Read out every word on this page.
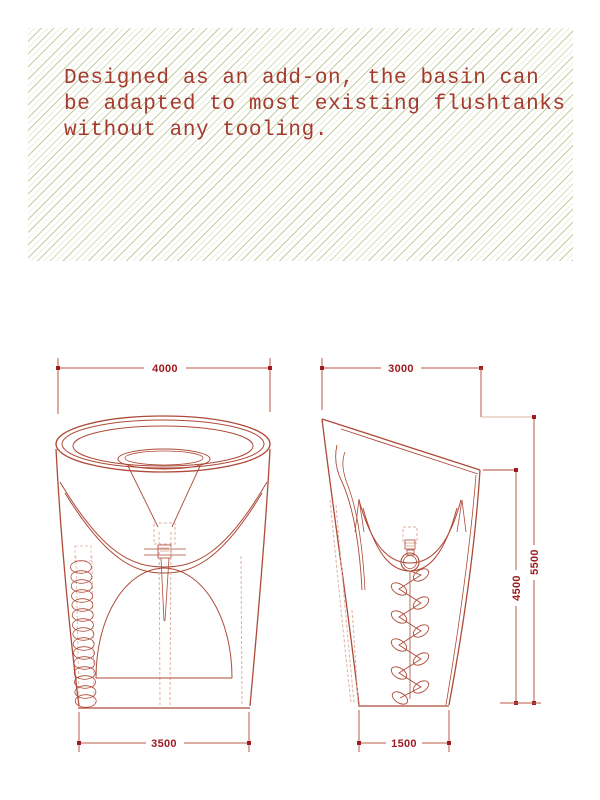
Designed as an add-on, the basin can
be adapted to most existing flushtanks
without any tooling.
4000
3500
3000
5500
4500
1500
